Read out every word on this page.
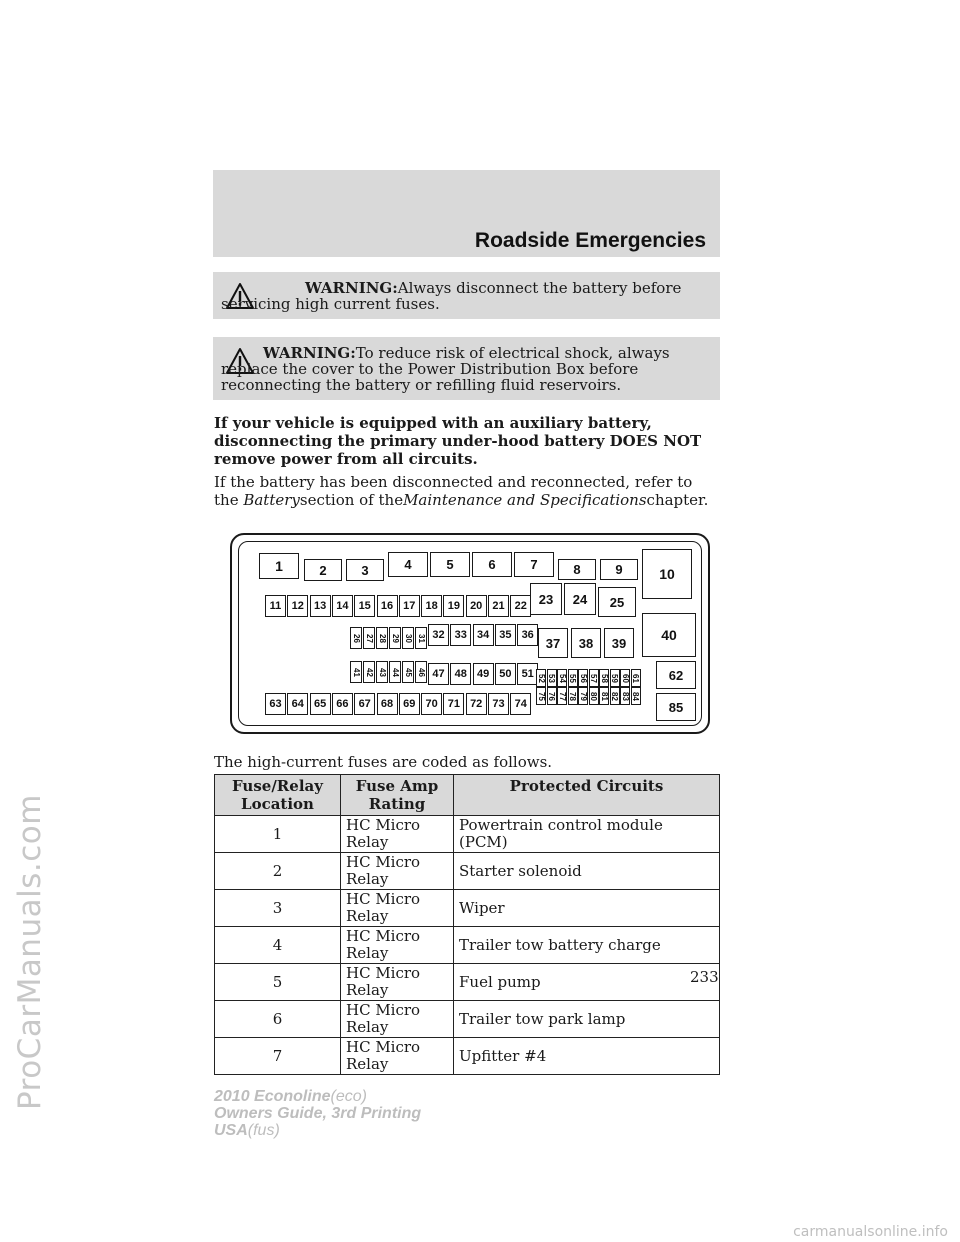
ProCarManuals.com
carmanualsonline.info
Roadside Emergencies
WARNING:Always disconnect the battery before servicing high current fuses.
WARNING:To reduce risk of electrical shock, always replace the cover to the Power Distribution Box before reconnecting the battery or refilling fluid reservoirs.
If your vehicle is equipped with an auxiliary battery, disconnecting the primary under-hood battery DOES NOT remove power from all circuits.
If the battery has been disconnected and reconnected, refer to the Batterysection of theMaintenance and Specificationschapter.
1	2	3	4	5	6	7	8	9	10
11 12 13 14 15 16 17 18 19 20 21 22 23	24	25
26 27 28 29 30 31 32 33 34 35 36
37	38	39	40
41 42 43 44 45 46 47 48 49 50 51 52 53 54 55 56 57 58 59 60 61
75 76 77 78 79 80 81 82 83 84
62
63 64 65 66 67 68 69 70 71 72 73 74	85
The high-current fuses are coded as follows.
Fuse/Relay Location	Fuse Amp Rating	Protected Circuits
1	HC Micro Relay	Powertrain control module (PCM)
2	HC Micro Relay	Starter solenoid
3	HC Micro Relay	Wiper
4	HC Micro Relay	Trailer tow battery charge
5	HC Micro Relay	Fuel pump
6	HC Micro Relay	Trailer tow park lamp
7	HC Micro Relay	Upfitter #4
233
2010 Econoline(eco)
Owners Guide, 3rd Printing
USA(fus)
